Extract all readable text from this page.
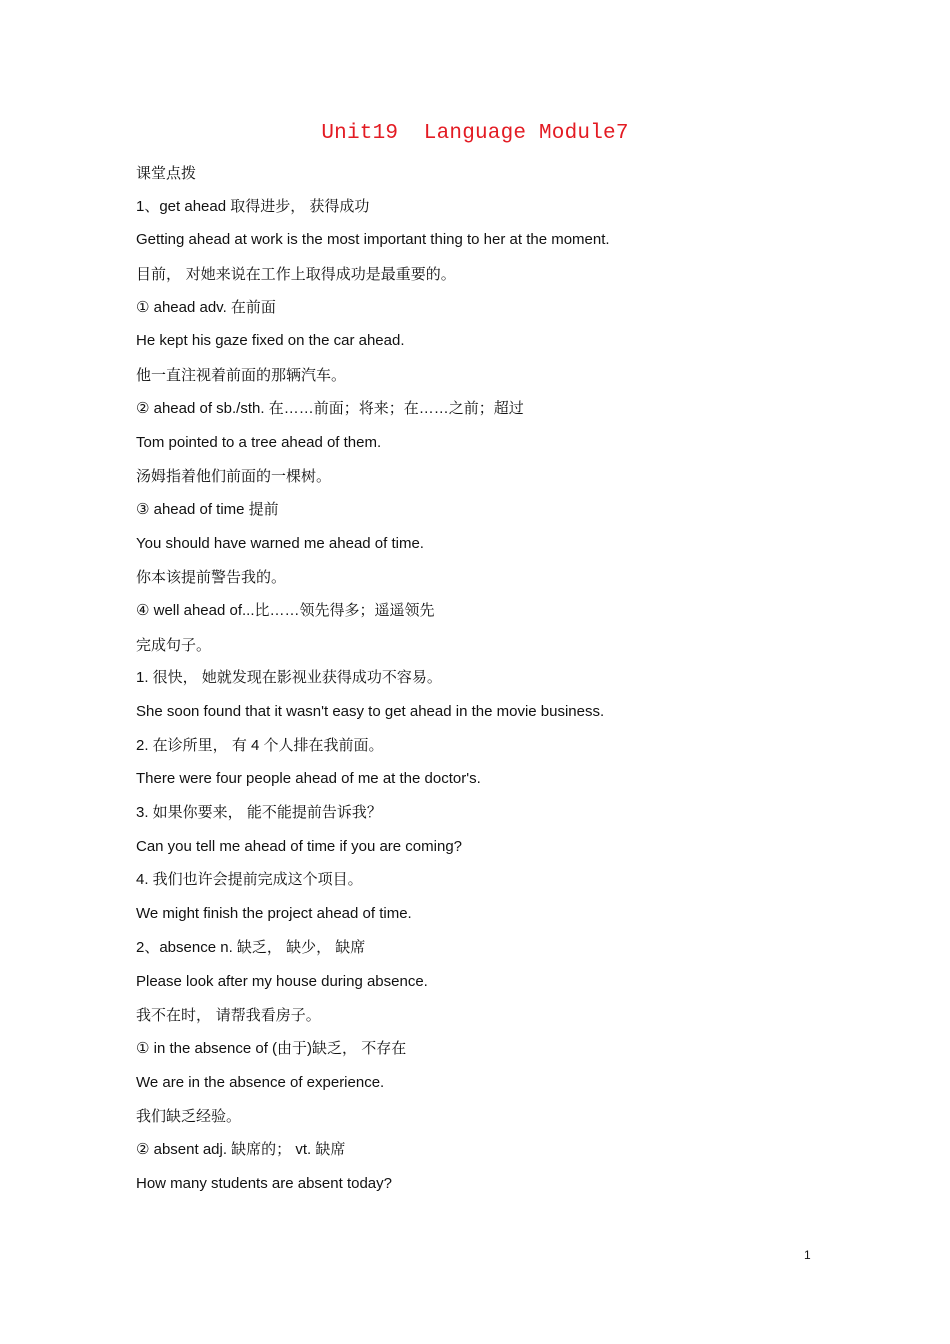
Unit19  Language Module7
课堂点拨
1、get ahead 取得进步， 获得成功
Getting ahead at work is the most important thing to her at the moment.
目前， 对她来说在工作上取得成功是最重要的。
① ahead adv. 在前面
He kept his gaze fixed on the car ahead.
他一直注视着前面的那辆汽车。
② ahead of sb./sth. 在……前面；将来；在……之前；超过
Tom pointed to a tree ahead of them.
汤姆指着他们前面的一棵树。
③ ahead of time 提前
You should have warned me ahead of time.
你本该提前警告我的。
④ well ahead of...比……领先得多；遥遥领先
完成句子。
1. 很快， 她就发现在影视业获得成功不容易。
She soon found that it wasn't easy to get ahead in the movie business.
2. 在诊所里， 有 4 个人排在我前面。
There were four people ahead of me at the doctor's.
3. 如果你要来， 能不能提前告诉我？
Can you tell me ahead of time if you are coming?
4. 我们也许会提前完成这个项目。
We might finish the project ahead of time.
2、absence n. 缺乏， 缺少， 缺席
Please look after my house during absence.
我不在时， 请帮我看房子。
① in the absence of (由于)缺乏， 不存在
We are in the absence of experience.
我们缺乏经验。
② absent adj. 缺席的； vt. 缺席
How many students are absent today?
1
